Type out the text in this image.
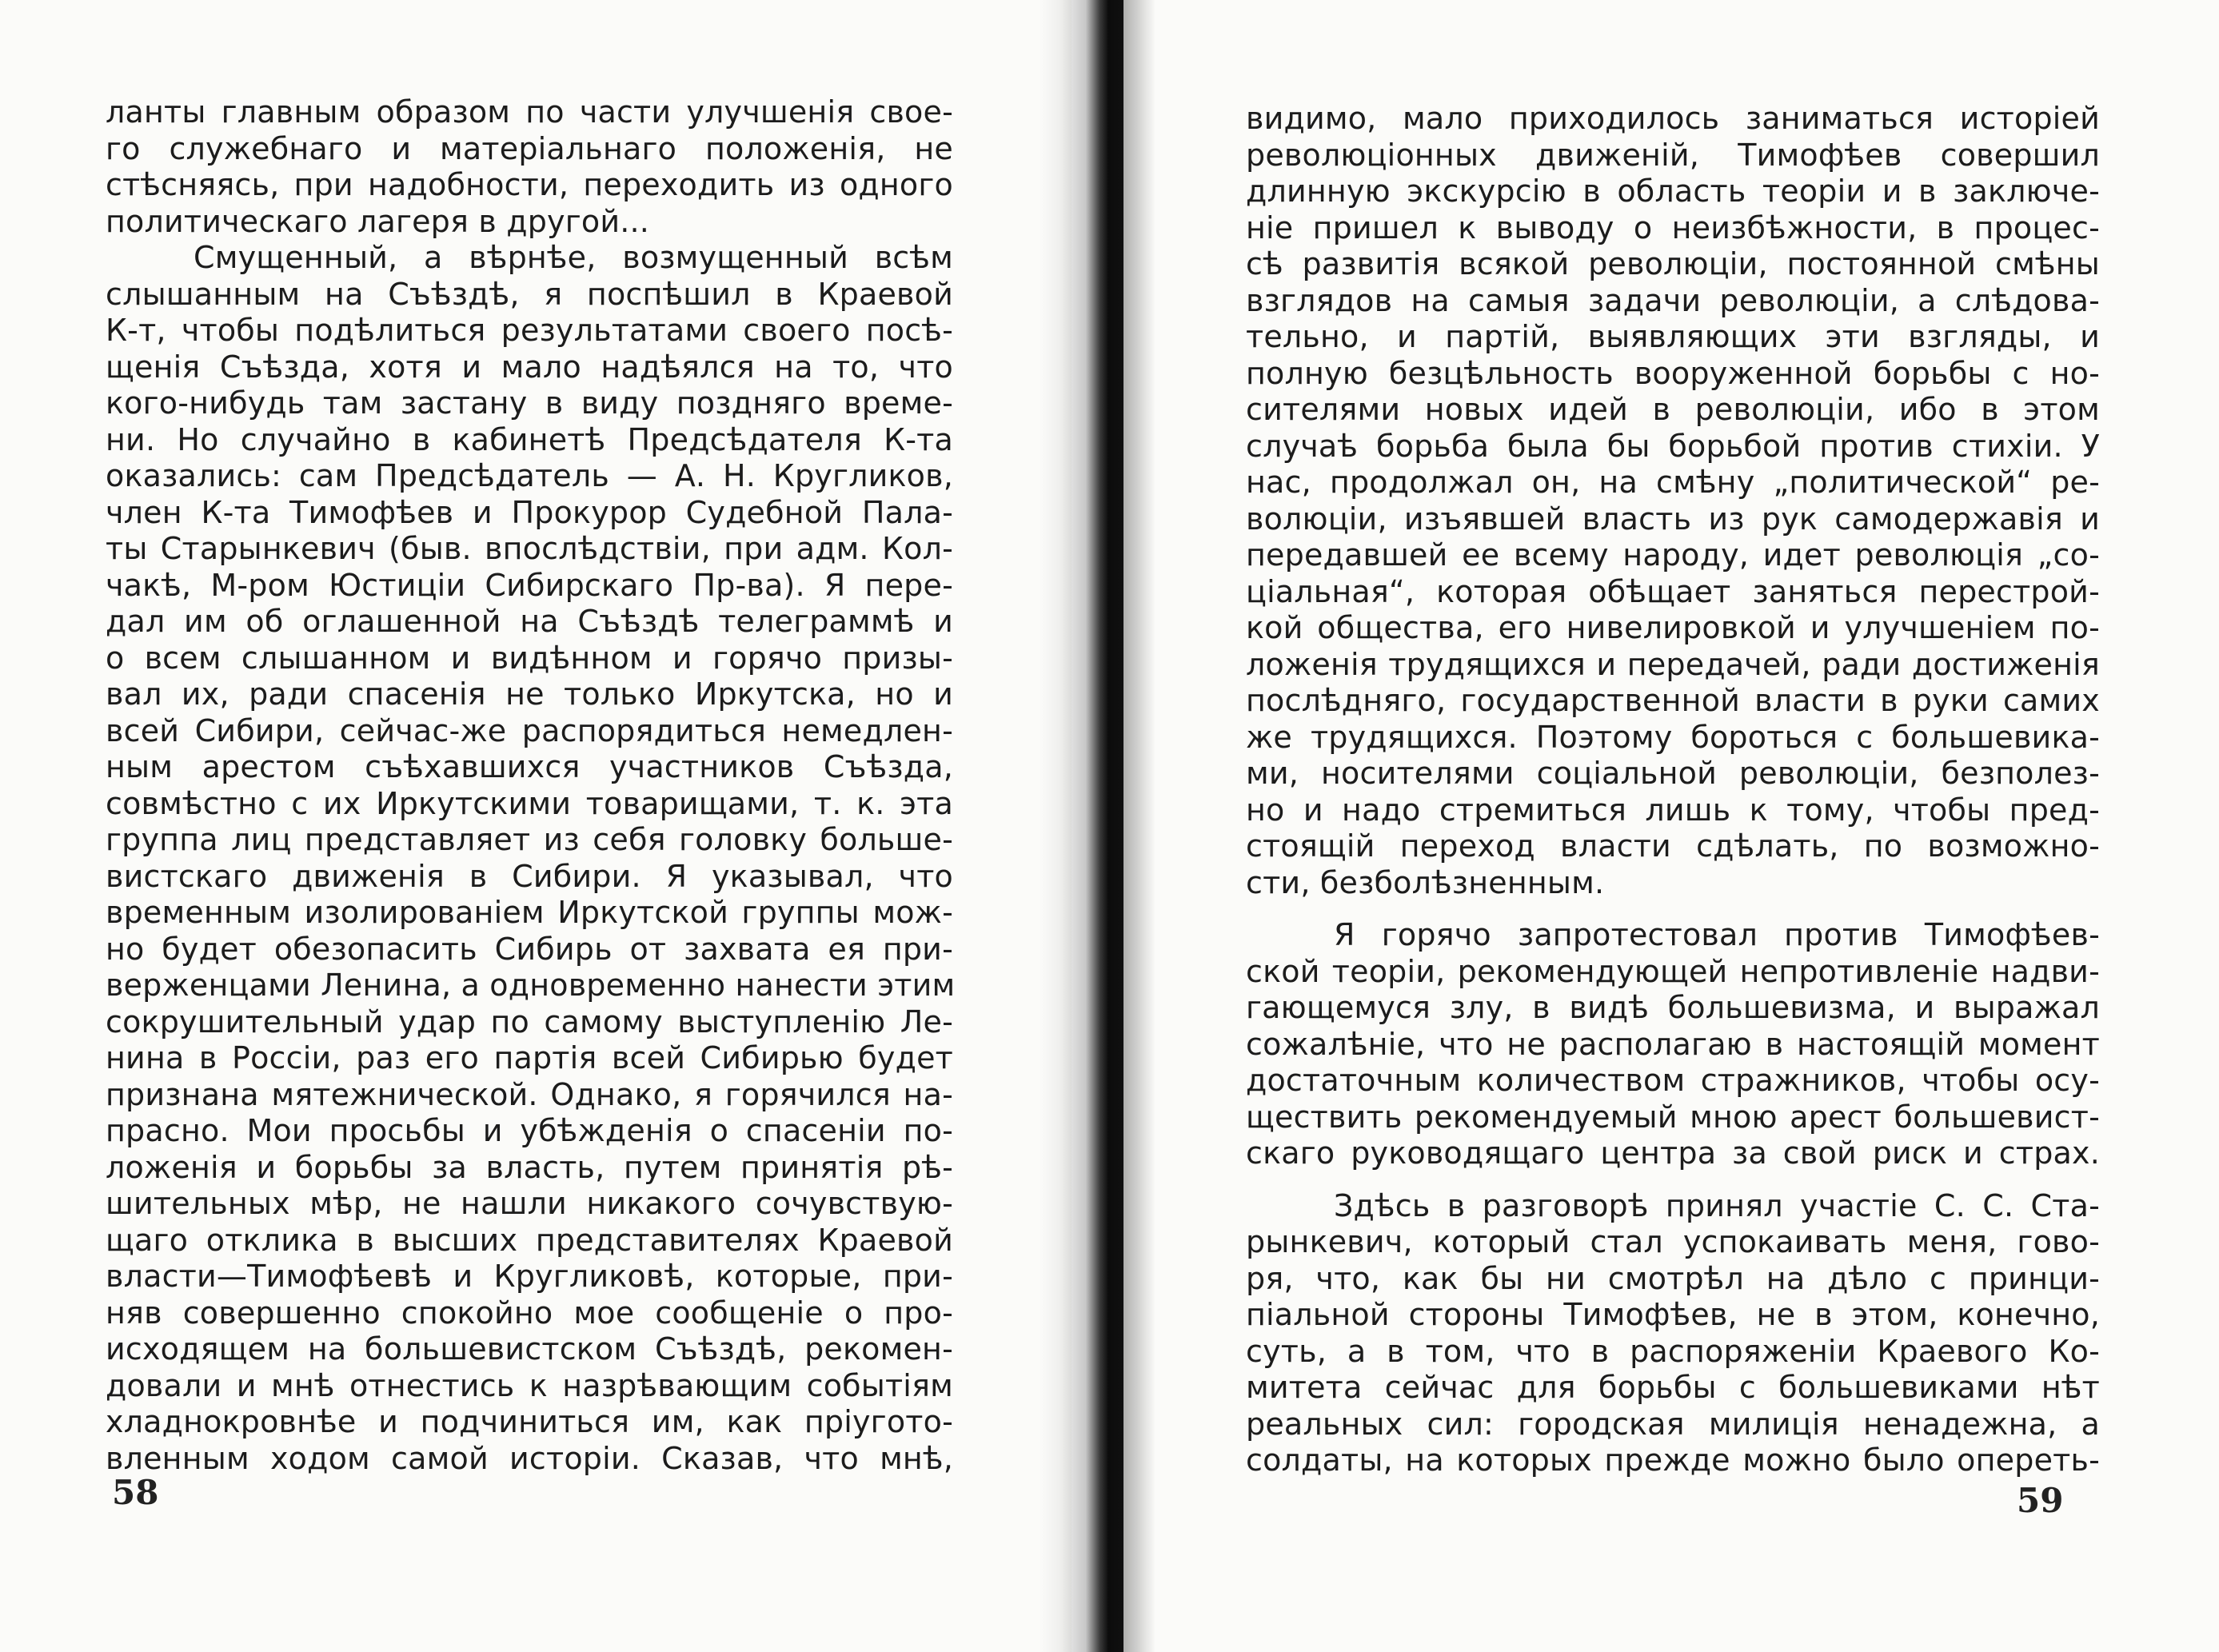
ланты главным образом по части улучшенія свое-
го служебнаго и матеріальнаго положенія, не
стѣсняясь, при надобности, переходить из одного
политическаго лагеря в другой...
Смущенный, а вѣрнѣе, возмущенный всѣм
слышанным на Съѣздѣ, я поспѣшил в Краевой
К-т, чтобы подѣлиться результатами своего посѣ-
щенія Съѣзда, хотя и мало надѣялся на то, что
кого-нибудь там застану в виду поздняго време-
ни. Но случайно в кабинетѣ Предсѣдателя К-та
оказались: сам Предсѣдатель — А. Н. Кругликов,
член К-та Тимофѣев и Прокурор Судебной Пала-
ты Старынкевич (быв. впослѣдствіи, при адм. Кол-
чакѣ, М-ром Юстиціи Сибирскаго Пр-ва). Я пере-
дал им об оглашенной на Съѣздѣ телеграммѣ и
о всем слышанном и видѣнном и горячо призы-
вал их, ради спасенія не только Иркутска, но и
всей Сибири, сейчас-же распорядиться немедлен-
ным арестом съѣхавшихся участников Съѣзда,
совмѣстно с их Иркутскими товарищами, т. к. эта
группа лиц представляет из себя головку больше-
вистскаго движенія в Сибири. Я указывал, что
временным изолированіем Иркутской группы мож-
но будет обезопасить Сибирь от захвата ея при-
верженцами Ленина, а одновременно нанести этим
сокрушительный удар по самому выступленію Ле-
нина в Россіи, раз его партія всей Сибирью будет
признана мятежнической. Однако, я горячился на-
прасно. Мои просьбы и убѣжденія о спасеніи по-
ложенія и борьбы за власть, путем принятія рѣ-
шительных мѣр, не нашли никакого сочувствую-
щаго отклика в высших представителях Краевой
власти—Тимофѣевѣ и Кругликовѣ, которые, при-
няв совершенно спокойно мое сообщеніе о про-
исходящем на большевистском Съѣздѣ, рекомен-
довали и мнѣ отнестись к назрѣвающим событіям
хладнокровнѣе и подчиниться им, как пріугото-
вленным ходом самой исторіи. Сказав, что мнѣ,
58
видимо, мало приходилось заниматься исторіей
революціонных движеній, Тимофѣев совершил
длинную экскурсію в область теоріи и в заключе-
ніе пришел к выводу о неизбѣжности, в процес-
сѣ развитія всякой революціи, постоянной смѣны
взглядов на самыя задачи революціи, а слѣдова-
тельно, и партій, выявляющих эти взгляды, и
полную безцѣльность вооруженной борьбы с но-
сителями новых идей в революціи, ибо в этом
случаѣ борьба была бы борьбой против стихіи. У
нас, продолжал он, на смѣну „политической“ ре-
волюціи, изъявшей власть из рук самодержавія и
передавшей ее всему народу, идет революція „со-
ціальная“, которая обѣщает заняться перестрой-
кой общества, его нивелировкой и улучшеніем по-
ложенія трудящихся и передачей, ради достиженія
послѣдняго, государственной власти в руки самих
же трудящихся. Поэтому бороться с большевика-
ми, носителями соціальной революціи, безполез-
но и надо стремиться лишь к тому, чтобы пред-
стоящій переход власти сдѣлать, по возможно-
сти, безболѣзненным.
Я горячо запротестовал против Тимофѣев-
ской теоріи, рекомендующей непротивленіе надви-
гающемуся злу, в видѣ большевизма, и выражал
сожалѣніе, что не располагаю в настоящій момент
достаточным количеством стражников, чтобы осу-
ществить рекомендуемый мною арест большевист-
скаго руководящаго центра за свой риск и страх.
Здѣсь в разговорѣ принял участіе С. С. Ста-
рынкевич, который стал успокаивать меня, гово-
ря, что, как бы ни смотрѣл на дѣло с принци-
піальной стороны Тимофѣев, не в этом, конечно,
суть, а в том, что в распоряженіи Краевого Ко-
митета сейчас для борьбы с большевиками нѣт
реальных сил: городская милиція ненадежна, а
солдаты, на которых прежде можно было опереть-
59
